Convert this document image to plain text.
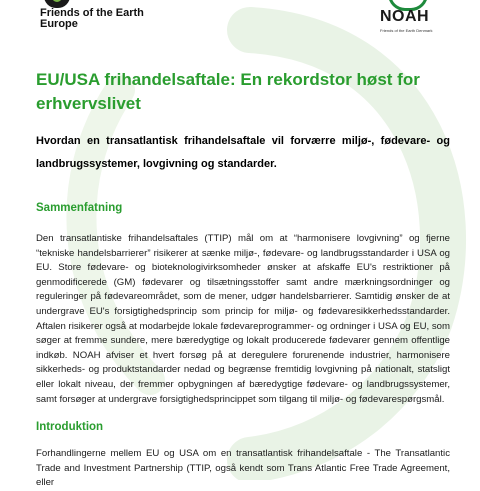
Friends of the Earth
Europe	NOAH
Friends of the Earth Denmark
EU/USA frihandelsaftale: En rekordstor høst for erhvervslivet

Hvordan en transatlantisk frihandelsaftale vil forværre miljø-, fødevare- og landbrugssystemer, lovgivning og standarder.

Sammenfatning

Den transatlantiske frihandelsaftales (TTIP) mål om at “harmonisere lovgivning” og fjerne “tekniske handelsbarrierer” risikerer at sænke miljø-, fødevare- og landbrugsstandarder i USA og EU. Store fødevare- og bioteknologivirksomheder ønsker at afskaffe EU's restriktioner på genmodificerede (GM) fødevarer og tilsætningsstoffer samt andre mærkningsordninger og reguleringer på fødevareområdet, som de mener, udgør handelsbarrierer. Samtidig ønsker de at undergrave EU's forsigtighedsprincip som princip for miljø- og fødevaresikkerhedsstandarder. Aftalen risikerer også at modarbejde lokale fødevareprogrammer- og ordninger i USA og EU, som søger at fremme sundere, mere bæredygtige og lokalt producerede fødevarer gennem offentlige indkøb. NOAH afviser et hvert forsøg på at deregulere forurenende industrier, harmonisere sikkerheds- og produktstandarder nedad og begrænse fremtidig lovgivning på nationalt, statsligt eller lokalt niveau, der fremmer opbygningen af bæredygtige fødevare- og landbrugssystemer, samt forsøger at undergrave forsigtighedsprincippet som tilgang til miljø- og fødevarespørgsmål.

Introduktion

Forhandlingerne mellem EU og USA om en transatlantisk frihandelsaftale - The Transatlantic Trade and Investment Partnership (TTIP, også kendt som Trans Atlantic Free Trade Agreement, eller
